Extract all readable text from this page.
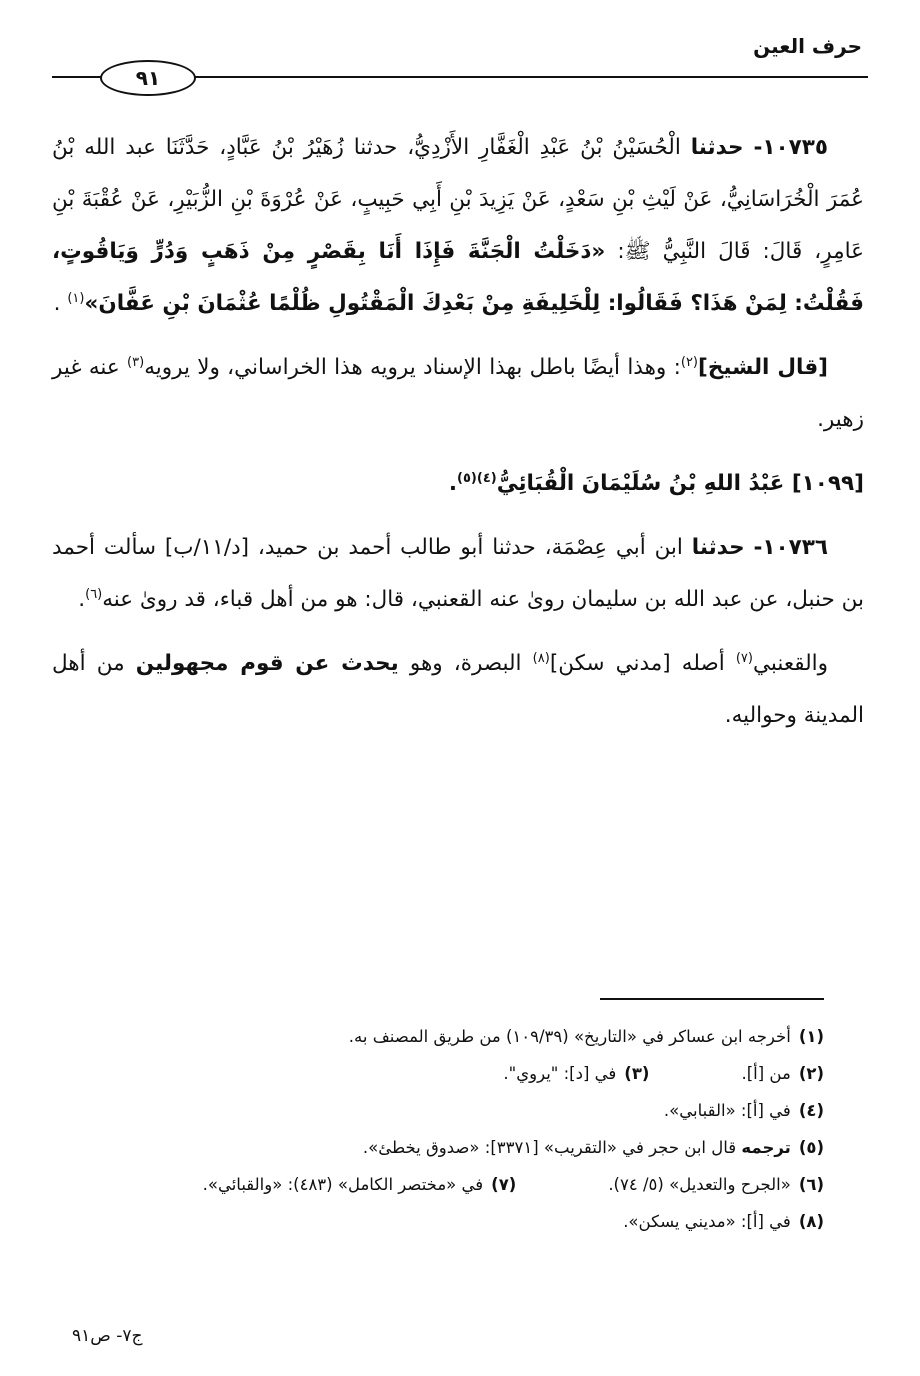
حرف العين
٩١

١٠٧٣٥- حدثنا الْحُسَيْنُ بْنُ عَبْدِ الْغَفَّارِ الأَزْدِيُّ، حدثنا زُهَيْرُ بْنُ عَبَّادٍ، حَدَّثَنَا عبد الله بْنُ عُمَرَ الْخُرَاسَانِيُّ، عَنْ لَيْثِ بْنِ سَعْدٍ، عَنْ يَزِيدَ بْنِ أَبِي حَبِيبٍ، عَنْ عُرْوَةَ بْنِ الزُّبَيْرِ، عَنْ عُقْبَةَ بْنِ عَامِرٍ، قَالَ: قَالَ النَّبِيُّ ﷺ: «دَخَلْتُ الْجَنَّةَ فَإِذَا أَنَا بِقَصْرٍ مِنْ ذَهَبٍ وَدُرٍّ وَيَاقُوتٍ، فَقُلْتُ: لِمَنْ هَذَا؟ فَقَالُوا: لِلْخَلِيفَةِ مِنْ بَعْدِكَ الْمَقْتُولِ ظُلْمًا عُثْمَانَ بْنِ عَفَّانَ»$^{(١)}$ .

[قال الشيخ]$^{(٢)}$: وهذا أيضًا باطل بهذا الإسناد يرويه هذا الخراساني، ولا يرويه$^{(٣)}$ عنه غير زهير.

[١٠٩٩] عَبْدُ اللهِ بْنُ سُلَيْمَانَ الْقُبَائِيُّ$^{(٤)(٥)}$.

١٠٧٣٦- حدثنا ابن أبي عِصْمَة، حدثنا أبو طالب أحمد بن حميد، [د/١١/ب] سألت أحمد بن حنبل، عن عبد الله بن سليمان روىٰ عنه القعنبي، قال: هو من أهل قباء، قد روىٰ عنه$^{(٦)}$.

والقعنبي$^{(٧)}$ أصله [مدني سكن]$^{(٨)}$ البصرة، وهو يحدث عن قوم مجهولين من أهل المدينة وحواليه.

(١)أخرجه ابن عساكر في «التاريخ» (١٠٩/٣٩) من طريق المصنف به.
(٢)من [أ].
(٣)في [د]: "يروي".
(٤)في [أ]: «القبابي».
(٥)ترجمه قال ابن حجر في «التقريب» [٣٣٧١]: «صدوق يخطئ».
(٦)«الجرح والتعديل» (٥/ ٧٤).
(٧)في «مختصر الكامل» (٤٨٣): «والقبائي».
(٨)في [أ]: «مديني يسكن».
ج٧- ص٩١
